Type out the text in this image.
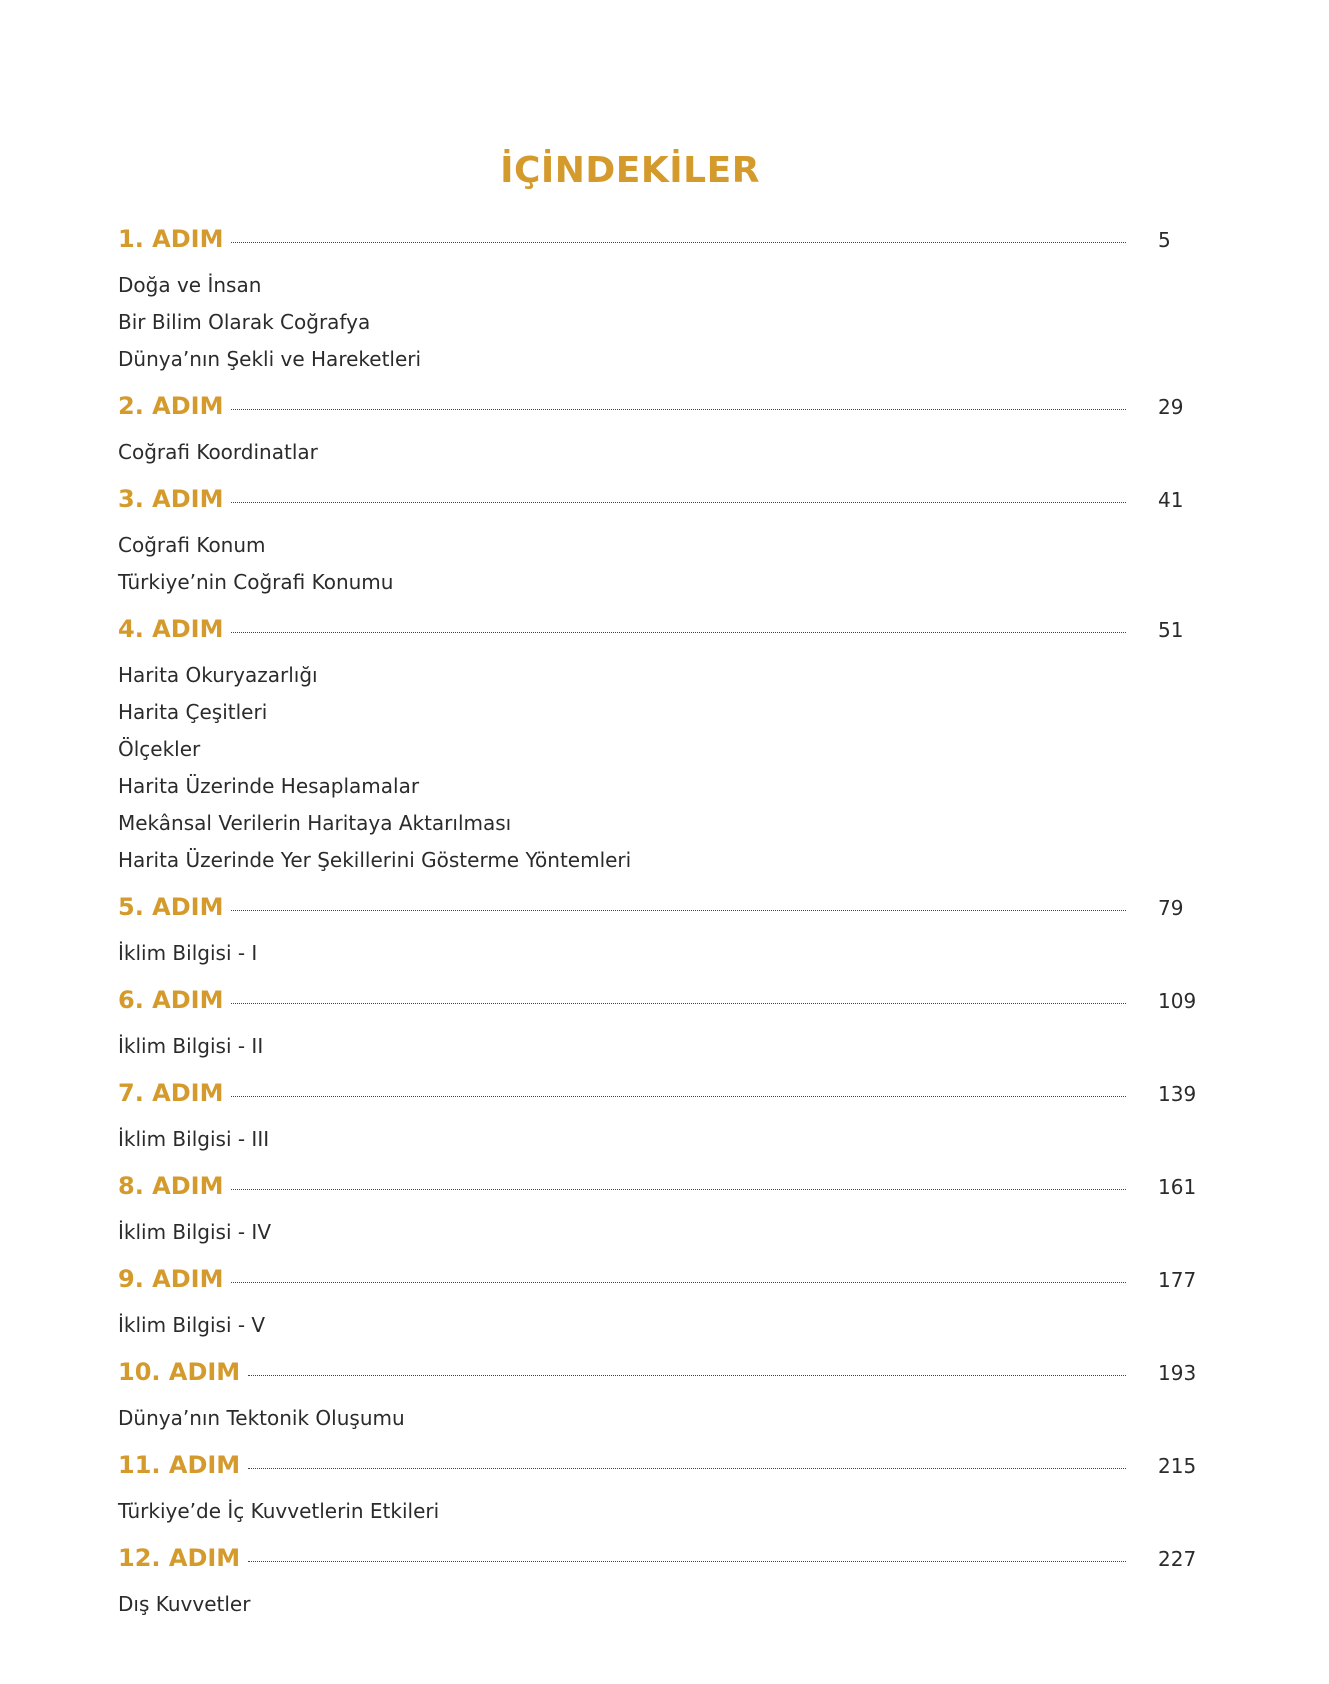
İÇİNDEKİLER
1. ADIM	5
Doğa ve İnsan
Bir Bilim Olarak Coğrafya
Dünya’nın Şekli ve Hareketleri
2. ADIM	29
Coğrafi Koordinatlar
3. ADIM	41
Coğrafi Konum
Türkiye’nin Coğrafi Konumu
4. ADIM	51
Harita Okuryazarlığı
Harita Çeşitleri
Ölçekler
Harita Üzerinde Hesaplamalar
Mekânsal Verilerin Haritaya Aktarılması
Harita Üzerinde Yer Şekillerini Gösterme Yöntemleri
5. ADIM	79
İklim Bilgisi - I
6. ADIM	109
İklim Bilgisi - II
7. ADIM	139
İklim Bilgisi - III
8. ADIM	161
İklim Bilgisi - IV
9. ADIM	177
İklim Bilgisi - V
10. ADIM	193
Dünya’nın Tektonik Oluşumu
11. ADIM	215
Türkiye’de İç Kuvvetlerin Etkileri
12. ADIM	227
Dış Kuvvetler
